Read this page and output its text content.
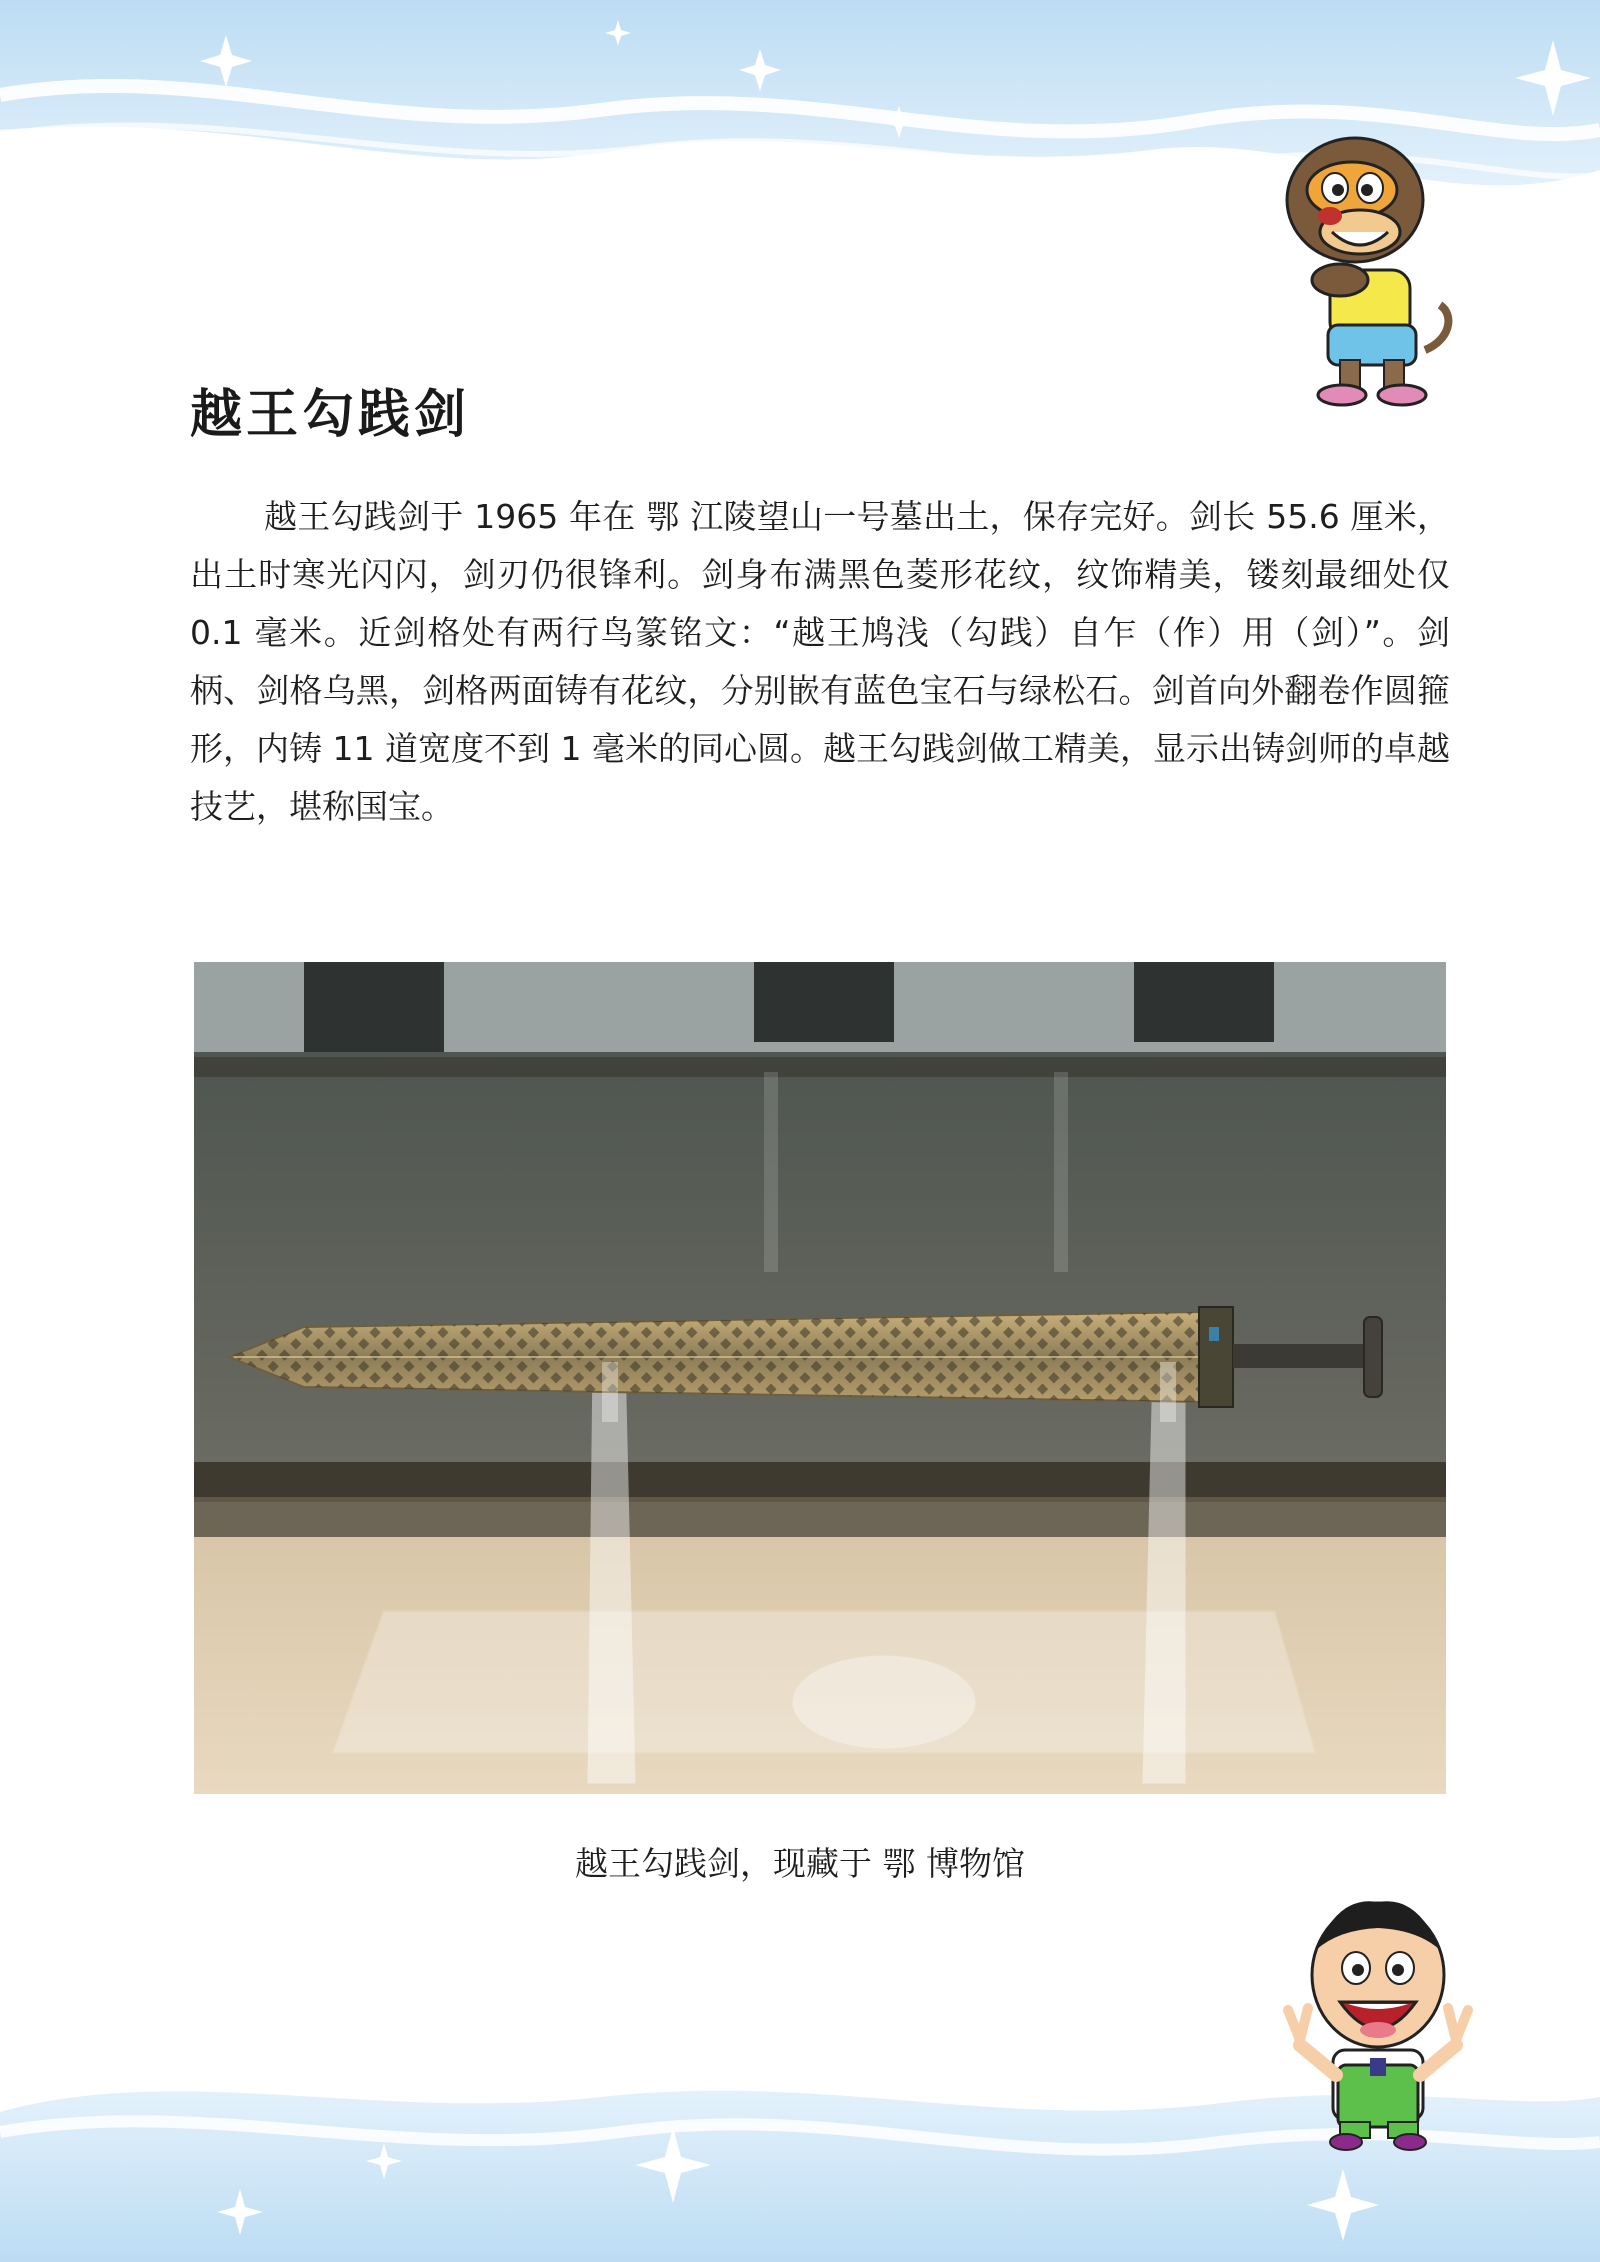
越王勾践剑

越王勾践剑于 1965 年在 鄂 江陵望山一号墓出土，保存完好。剑长 55.6 厘米，出土时寒光闪闪，剑刃仍很锋利。剑身布满黑色菱形花纹，纹饰精美，镂刻最细处仅 0.1 毫米。近剑格处有两行鸟篆铭文：“越王鸠浅（勾践）自乍（作）用（剑）”。剑柄、剑格乌黑，剑格两面铸有花纹，分别嵌有蓝色宝石与绿松石。剑首向外翻卷作圆箍形，内铸 11 道宽度不到 1 毫米的同心圆。越王勾践剑做工精美，显示出铸剑师的卓越技艺，堪称国宝。

越王勾践剑，现藏于 鄂 博物馆
